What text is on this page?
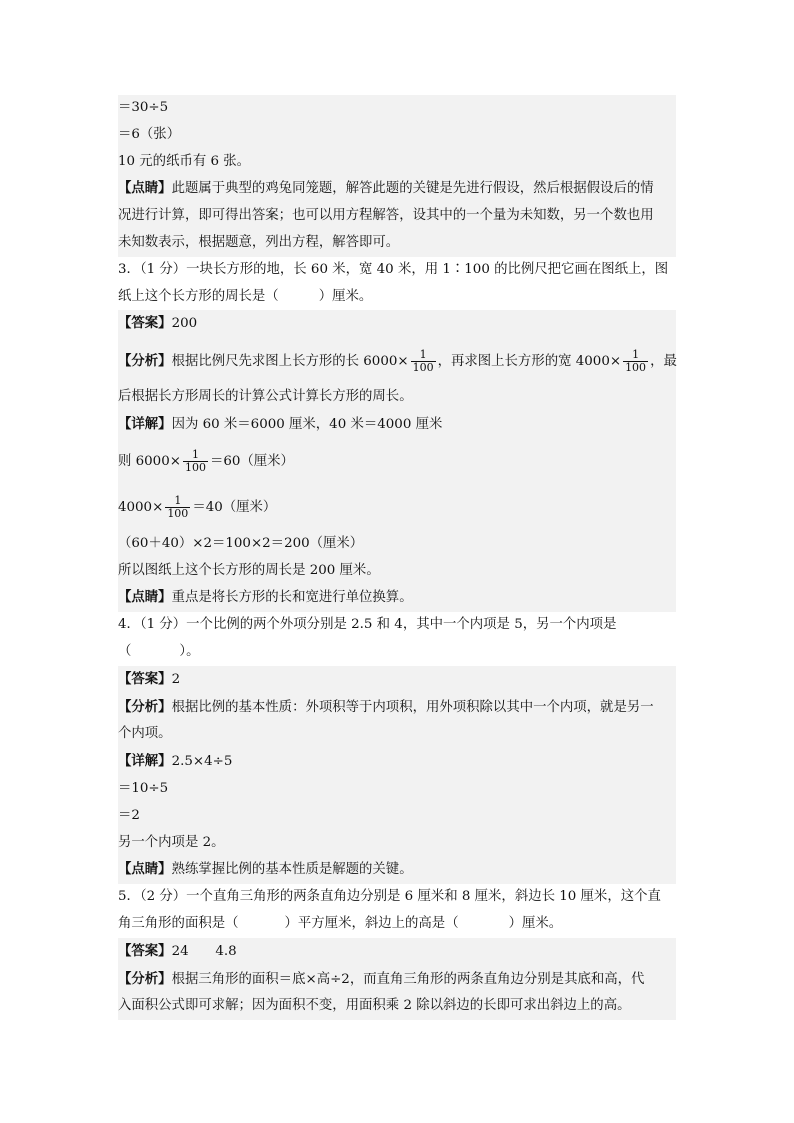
＝30÷5
＝6（张）
10 元的纸币有 6 张。
【点睛】此题属于典型的鸡兔同笼题，解答此题的关键是先进行假设，然后根据假设后的情
况进行计算，即可得出答案；也可以用方程解答，设其中的一个量为未知数，另一个数也用
未知数表示，根据题意，列出方程，解答即可。
3．（1 分）一块长方形的地，长 60 米，宽 40 米，用 1∶100 的比例尺把它画在图纸上，图
纸上这个长方形的周长是（	）厘米。
【答案】200
【分析】根据比例尺先求图上长方形的长 $6000\times \frac{1}{100}$ ，再求图上长方形的宽 $4000\times \frac{1}{100}$ ，最
后根据长方形周长的计算公式计算长方形的周长。
【详解】因为 60 米＝6000 厘米，40 米＝4000 厘米
则 $6000\times \frac{1}{100} =60$（厘米）
$4000\times \frac{1}{100} =40$（厘米）
（60＋40）×2＝100×2＝200（厘米）
所以图纸上这个长方形的周长是 200 厘米。
【点睛】重点是将长方形的长和宽进行单位换算。
4．（1 分）一个比例的两个外项分别是 2.5 和 4，其中一个内项是 5，另一个内项是
（	）。
【答案】2
【分析】根据比例的基本性质：外项积等于内项积，用外项积除以其中一个内项，就是另一
个内项。
【详解】2.5×4÷5
＝10÷5
＝2
另一个内项是 2。
【点睛】熟练掌握比例的基本性质是解题的关键。
5．（2 分）一个直角三角形的两条直角边分别是 6 厘米和 8 厘米，斜边长 10 厘米，这个直
角三角形的面积是（	）平方厘米，斜边上的高是（	）厘米。
【答案】24　　4.8
【分析】根据三角形的面积＝底×高÷2，而直角三角形的两条直角边分别是其底和高，代
入面积公式即可求解；因为面积不变，用面积乘 2 除以斜边的长即可求出斜边上的高。
